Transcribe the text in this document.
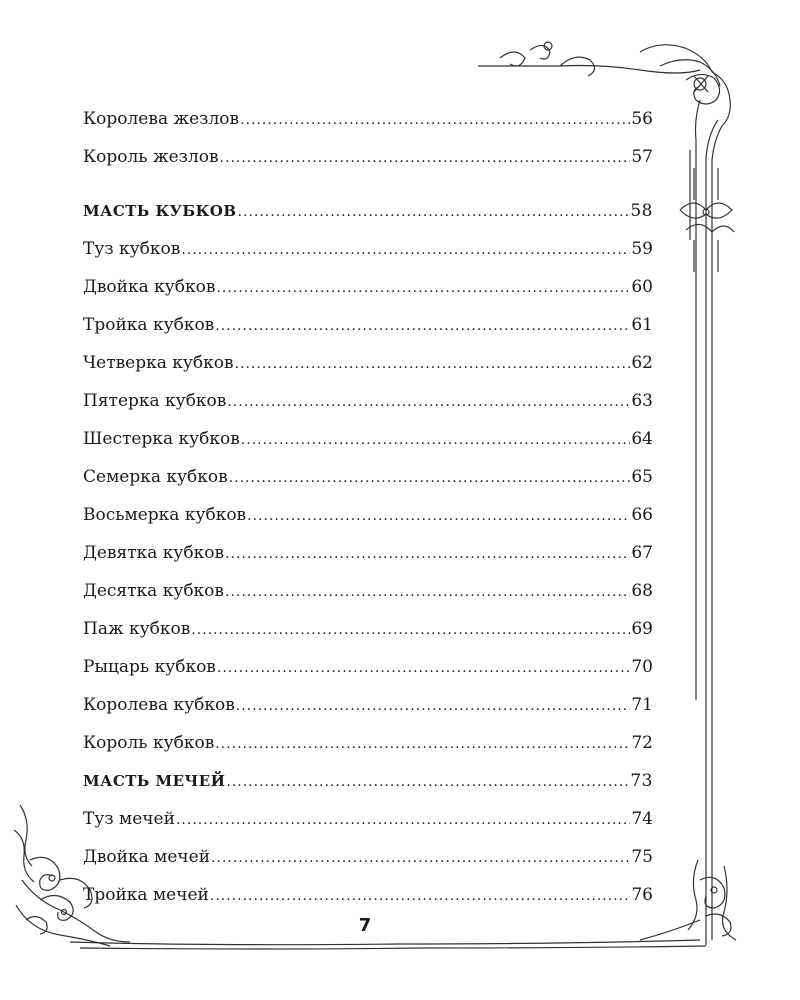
Королева жезлов .....	56
Король жезлов .....	57
МАСТЬ КУБКОВ .....	58
Туз кубков .....	59
Двойка кубков .....	60
Тройка кубков .....	61
Четверка кубков .....	62
Пятерка кубков .....	63
Шестерка кубков .....	64
Семерка кубков .....	65
Восьмерка кубков .....	66
Девятка кубков .....	67
Десятка кубков .....	68
Паж кубков .....	69
Рыцарь кубков .....	70
Королева кубков .....	71
Король кубков .....	72
МАСТЬ МЕЧЕЙ .....	73
Туз мечей .....	74
Двойка мечей .....	75
Тройка мечей .....	76
7
